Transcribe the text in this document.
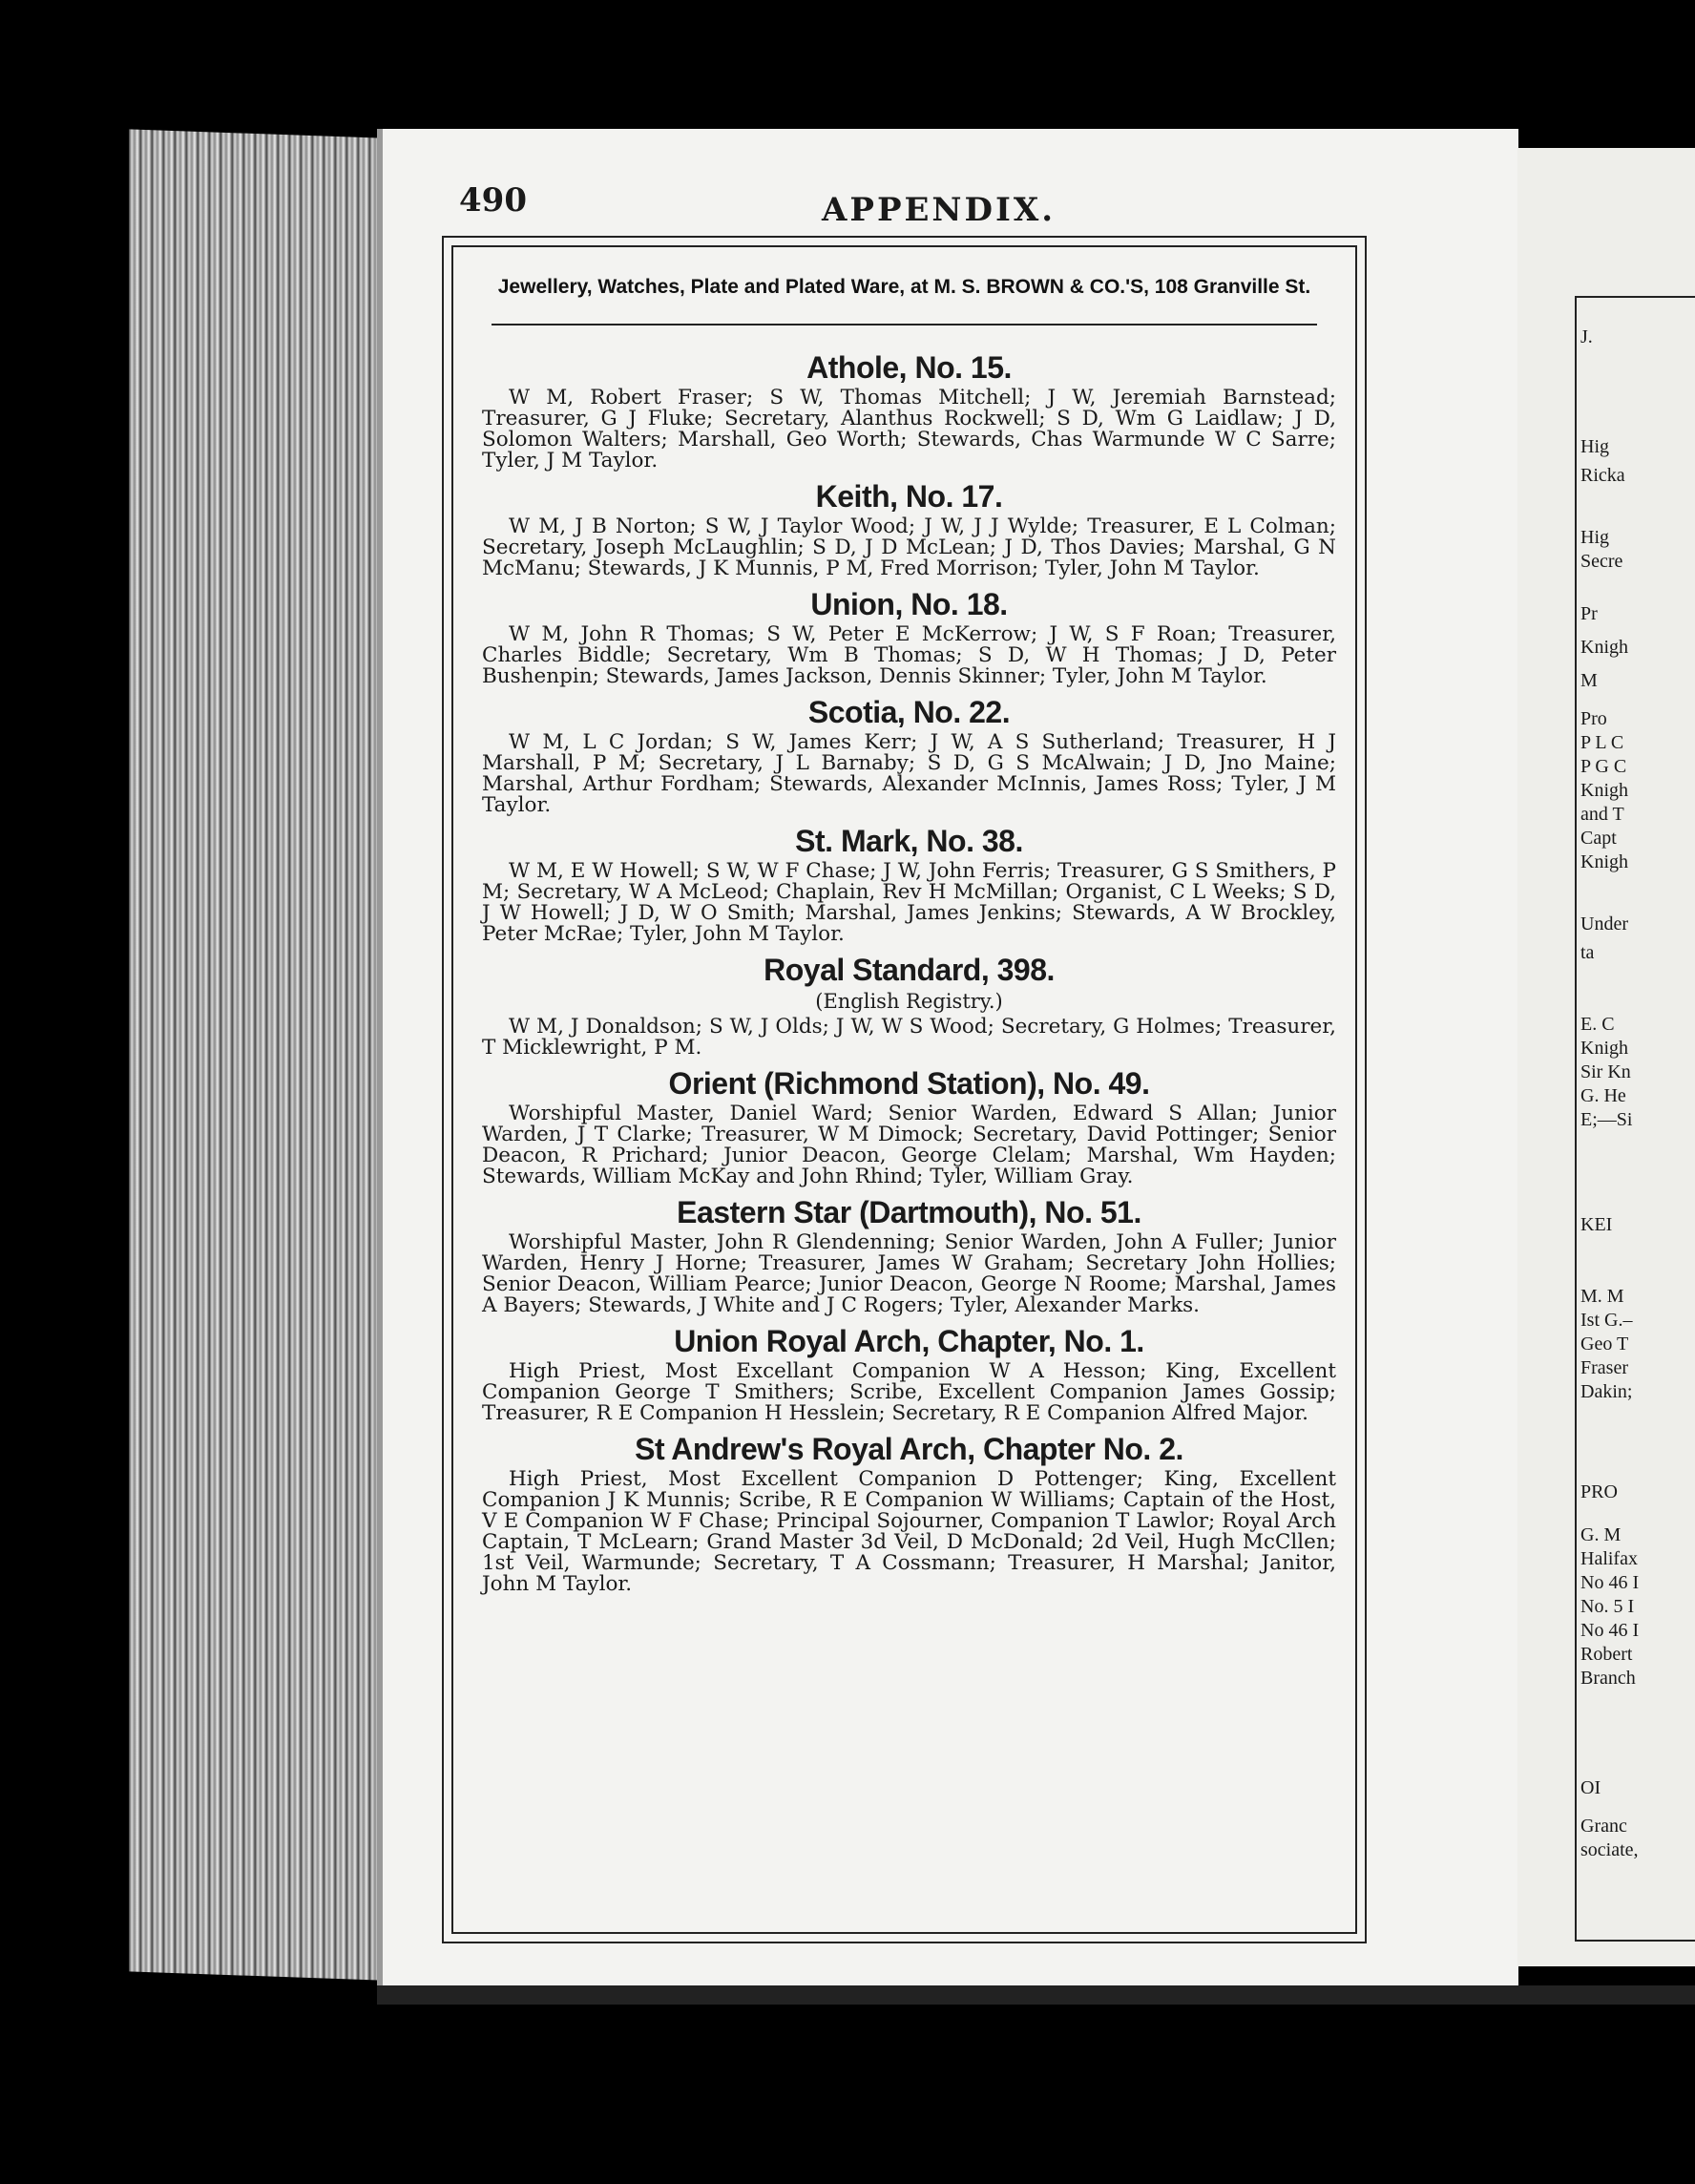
490	APPENDIX.
Jewellery, Watches, Plate and Plated Ware, at M. S. BROWN & CO.'S, 108 Granville St.
Athole, No. 15.

W M, Robert Fraser; S W, Thomas Mitchell; J W, Jeremiah Barnstead; Treasurer, G J Fluke; Secretary, Alanthus Rockwell; S D, Wm G Laidlaw; J D, Solomon Walters; Marshall, Geo Worth; Stewards, Chas Warmunde W C Sarre; Tyler, J M Taylor.

Keith, No. 17.

W M, J B Norton; S W, J Taylor Wood; J W, J J Wylde; Treasurer, E L Colman; Secretary, Joseph McLaughlin; S D, J D McLean; J D, Thos Davies; Marshal, G N McManu; Stewards, J K Munnis, P M, Fred Morrison; Tyler, John M Taylor.

Union, No. 18.

W M, John R Thomas; S W, Peter E McKerrow; J W, S F Roan; Treasurer, Charles Biddle; Secretary, Wm B Thomas; S D, W H Thomas; J D, Peter Bushenpin; Stewards, James Jackson, Dennis Skinner; Tyler, John M Taylor.

Scotia, No. 22.

W M, L C Jordan; S W, James Kerr; J W, A S Sutherland; Treasurer, H J Marshall, P M; Secretary, J L Barnaby; S D, G S McAlwain; J D, Jno Maine; Marshal, Arthur Fordham; Stewards, Alexander McInnis, James Ross; Tyler, J M Taylor.

St. Mark, No. 38.

W M, E W Howell; S W, W F Chase; J W, John Ferris; Treasurer, G S Smithers, P M; Secretary, W A McLeod; Chaplain, Rev H McMillan; Organist, C L Weeks; S D, J W Howell; J D, W O Smith; Marshal, James Jenkins; Stewards, A W Brockley, Peter McRae; Tyler, John M Taylor.

Royal Standard, 398.
(English Registry.)

W M, J Donaldson; S W, J Olds; J W, W S Wood; Secretary, G Holmes; Treasurer, T Micklewright, P M.

Orient (Richmond Station), No. 49.

Worshipful Master, Daniel Ward; Senior Warden, Edward S Allan; Junior Warden, J T Clarke; Treasurer, W M Dimock; Secretary, David Pottinger; Senior Deacon, R Prichard; Junior Deacon, George Clelam; Marshal, Wm Hayden; Stewards, William McKay and John Rhind; Tyler, William Gray.

Eastern Star (Dartmouth), No. 51.

Worshipful Master, John R Glendenning; Senior Warden, John A Fuller; Junior Warden, Henry J Horne; Treasurer, James W Graham; Secretary John Hollies; Senior Deacon, William Pearce; Junior Deacon, George N Roome; Marshal, James A Bayers; Stewards, J White and J C Rogers; Tyler, Alexander Marks.

Union Royal Arch, Chapter, No. 1.

High Priest, Most Excellant Companion W A Hesson; King, Excellent Companion George T Smithers; Scribe, Excellent Companion James Gossip; Treasurer, R E Companion H Hesslein; Secretary, R E Companion Alfred Major.

St Andrew's Royal Arch, Chapter No. 2.

High Priest, Most Excellent Companion D Pottenger; King, Excellent Companion J K Munnis; Scribe, R E Companion W Williams; Captain of the Host, V E Companion W F Chase; Principal Sojourner, Companion T Lawlor; Royal Arch Captain, T McLearn; Grand Master 3d Veil, D McDonald; 2d Veil, Hugh McCllen; 1st Veil, Warmunde; Secretary, T A Cossmann; Treasurer, H Marshal; Janitor, John M Taylor.

J.
Hig
Ricka
Hig
Secre
Pr
Knigh
M
Pro
P L C
P G C
Knigh
and T
Capt
Knigh
Under
ta
E. C
Knigh
Sir Kn
G. He
E;—Si
KEI
M. M
Ist G.–
Geo T
Fraser
Dakin;
PRO
G. M
Halifax
No 46 I
No. 5 I
No 46 I
Robert
Branch
OI
Granc
sociate,
